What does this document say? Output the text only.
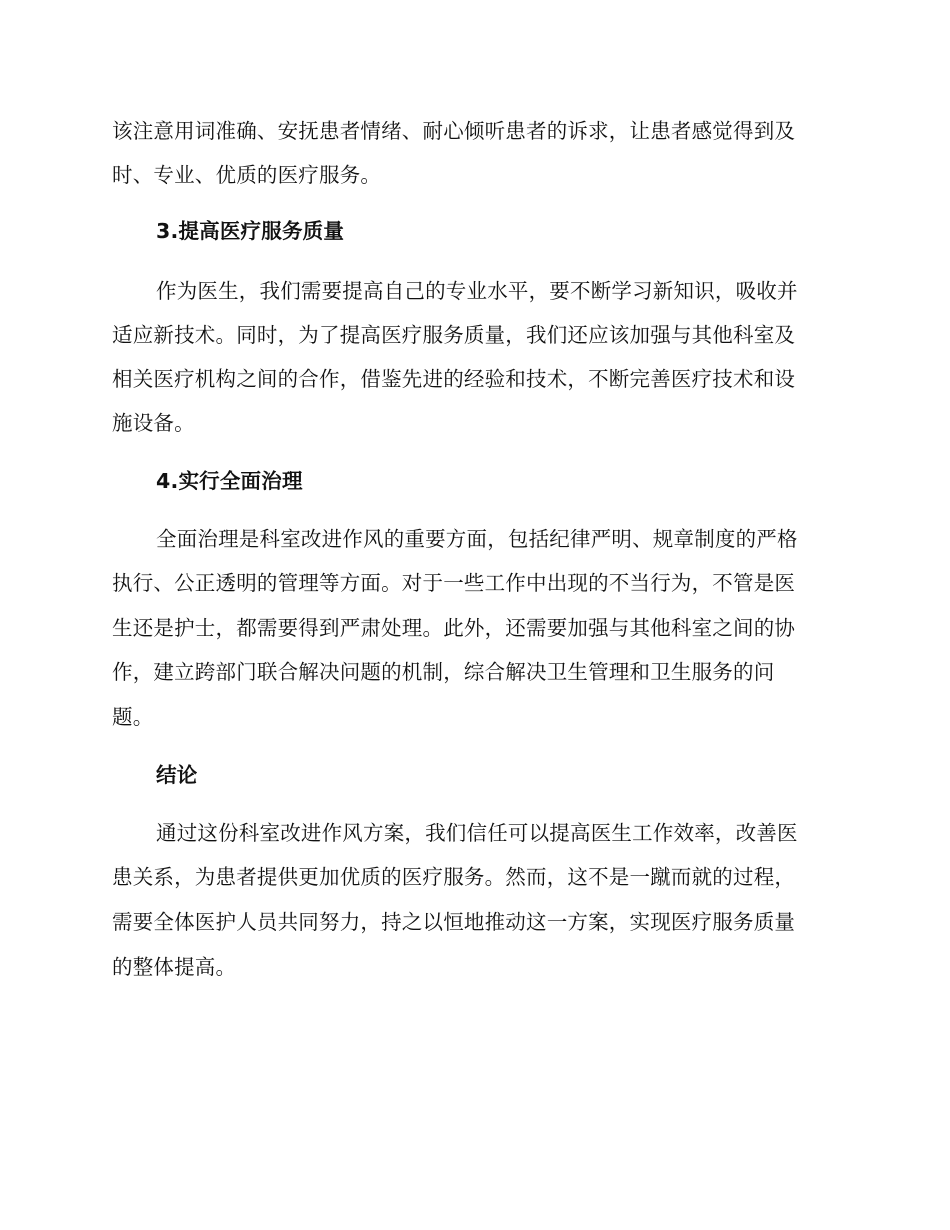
该注意用词准确、安抚患者情绪、耐心倾听患者的诉求，让患者感觉得到及
时、专业、优质的医疗服务。
3.提高医疗服务质量
作为医生，我们需要提高自己的专业水平，要不断学习新知识，吸收并
适应新技术。同时，为了提高医疗服务质量，我们还应该加强与其他科室及
相关医疗机构之间的合作，借鉴先进的经验和技术，不断完善医疗技术和设
施设备。
4.实行全面治理
全面治理是科室改进作风的重要方面，包括纪律严明、规章制度的严格
执行、公正透明的管理等方面。对于一些工作中出现的不当行为，不管是医
生还是护士，都需要得到严肃处理。此外，还需要加强与其他科室之间的协
作，建立跨部门联合解决问题的机制，综合解决卫生管理和卫生服务的问
题。
结论
通过这份科室改进作风方案，我们信任可以提高医生工作效率，改善医
患关系，为患者提供更加优质的医疗服务。然而，这不是一蹴而就的过程，
需要全体医护人员共同努力，持之以恒地推动这一方案，实现医疗服务质量
的整体提高。
